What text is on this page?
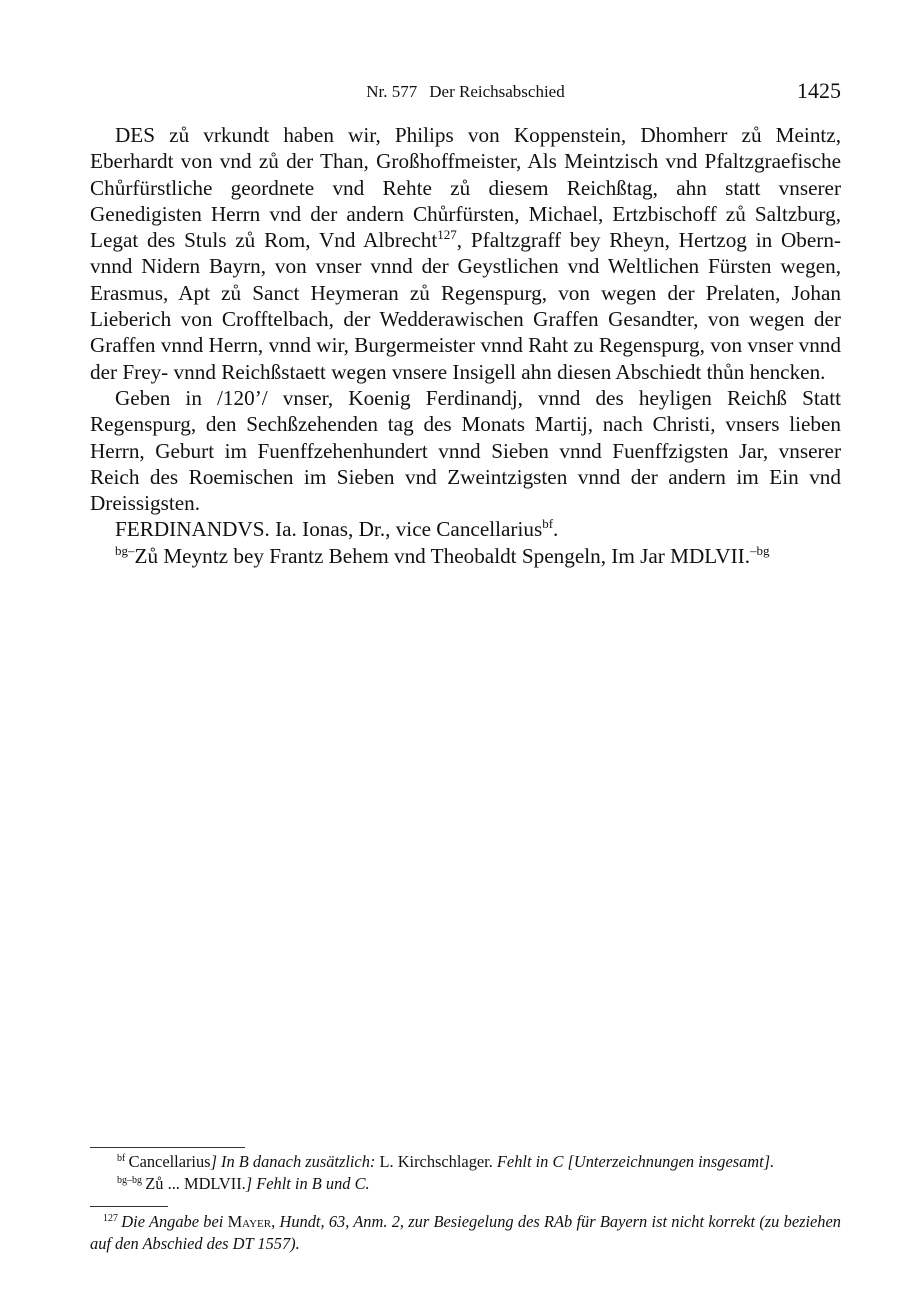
Nr. 577 Der Reichsabschied	1425

DES zů vrkundt haben wir, Philips von Koppenstein, Dhomherr zů Meintz, Eberhardt von vnd zů der Than, Großhoffmeister, Als Meintzisch vnd Pfaltzgraefische Chůrfürstliche geordnete vnd Rehte zů diesem Reichßtag, ahn statt vnserer Genedigisten Herrn vnd der andern Chůrfürsten, Michael, Ertzbischoff zů Saltzburg, Legat des Stuls zů Rom, Vnd Albrecht$^{127}$, Pfaltzgraff bey Rheyn, Hertzog in Obern- vnnd Nidern Bayrn, von vnser vnnd der Geystlichen vnd Weltlichen Fürsten wegen, Erasmus, Apt zů Sanct Heymeran zů Regenspurg, von wegen der Prelaten, Johan Lieberich von Crofftelbach, der Wedderawischen Graffen Gesandter, von wegen der Graffen vnnd Herrn, vnnd wir, Burgermeister vnnd Raht zu Regenspurg, von vnser vnnd der Frey- vnnd Reichßstaett wegen vnsere Insigell ahn diesen Abschiedt thůn hencken.

Geben in /120’/ vnser, Koenig Ferdinandj, vnnd des heyligen Reichß Statt Regenspurg, den Sechßzehenden tag des Monats Martij, nach Christi, vnsers lieben Herrn, Geburt im Fuenffzehenhundert vnnd Sieben vnnd Fuenffzigsten Jar, vnserer Reich des Roemischen im Sieben vnd Zweintzigsten vnnd der andern im Ein vnd Dreissigsten.

FERDINANDVS. Ia. Ionas, Dr., vice Cancellarius$^{bf}$.

$^{bg-}$Zů Meyntz bey Frantz Behem vnd Theobaldt Spengeln, Im Jar MDLVII.$^{-bg}$

$^{bf}$  Cancellarius] In B danach zusätzlich: L. Kirchschlager. Fehlt in C [Unterzeichnungen insgesamt].
$^{bg-bg}$  Zů ... MDLVII.] Fehlt in B und C.
$^{127}$  Die Angabe bei Mayer, Hundt, 63, Anm. 2, zur Besiegelung des RAb für Bayern ist nicht korrekt (zu beziehen auf den Abschied des DT 1557).
